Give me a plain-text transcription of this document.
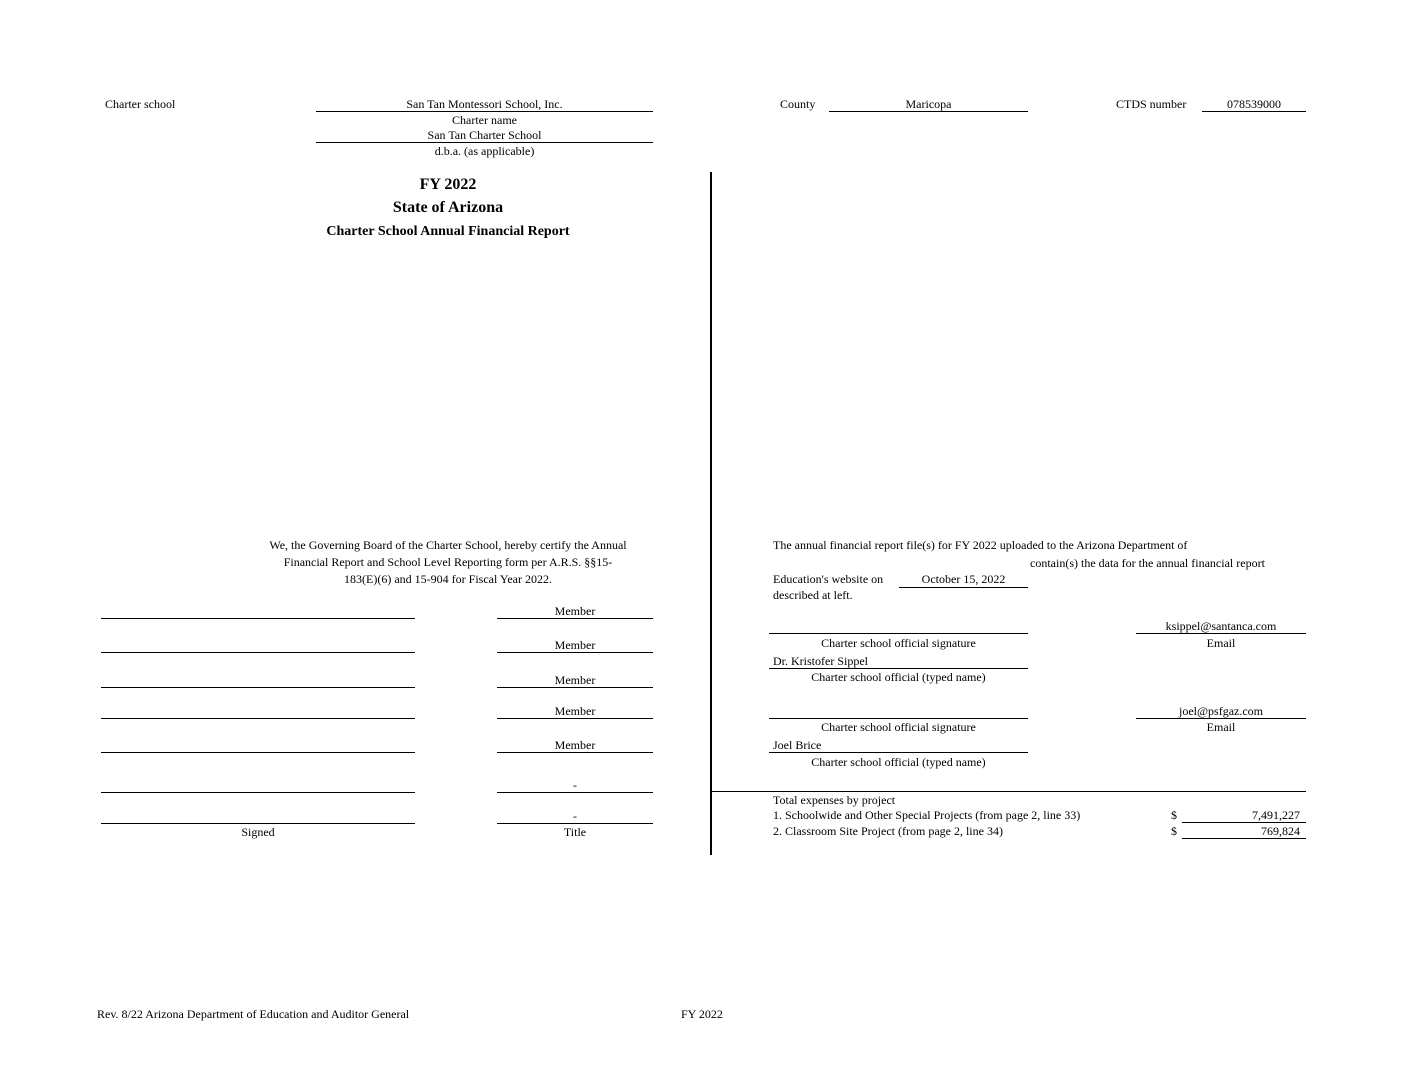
Charter school	San Tan Montessori School, Inc.
Charter name
San Tan Charter School
d.b.a. (as applicable)
County	Maricopa	CTDS number	078539000
FY 2022
State of Arizona
Charter School Annual Financial Report
We, the Governing Board of the Charter School, hereby certify the Annual
Financial Report and School Level Reporting form per A.R.S. §§15-
183(E)(6) and 15-904 for Fiscal Year 2022.
Member
Member
Member
Member
Member
-
-
Signed	Title
The annual financial report file(s) for FY 2022 uploaded to the Arizona Department of
contain(s) the data for the annual financial report
Education's website on	October 15, 2022
described at left.
ksippel@santanca.com
Charter school official signature	Email
Dr. Kristofer Sippel
Charter school official (typed name)
joel@psfgaz.com
Charter school official signature	Email
Joel Brice
Charter school official (typed name)
Total expenses by project
1. Schoolwide and Other Special Projects (from page 2, line 33)	$	7,491,227
2. Classroom Site Project (from page 2, line 34)	$	769,824
Rev. 8/22 Arizona Department of Education and Auditor General	FY 2022
